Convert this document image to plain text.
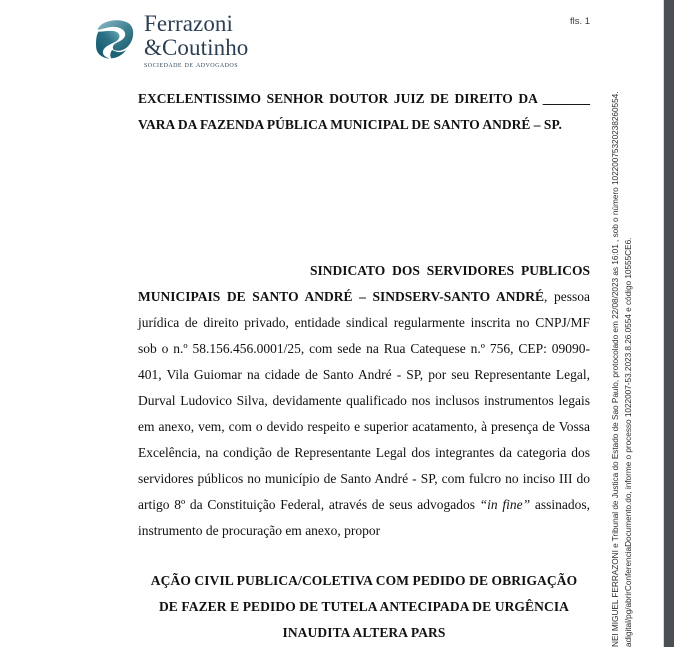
Ferrazoni
&Coutinho
sociedade de advogados
fls. 1

EXCELENTISSIMO SENHOR DOUTOR JUIZ DE DIREITO DA _______ VARA DA FAZENDA PÚBLICA MUNICIPAL DE SANTO ANDRÉ – SP.

SINDICATO DOS SERVIDORES PUBLICOS MUNICIPAIS DE SANTO ANDRÉ – SINDSERV-SANTO ANDRÉ, pessoa jurídica de direito privado, entidade sindical regularmente inscrita no CNPJ/MF sob o n.º 58.156.456.0001/25, com sede na Rua Catequese n.º 756, CEP: 09090-401, Vila Guiomar na cidade de Santo André - SP, por seu Representante Legal, Durval Ludovico Silva, devidamente qualificado nos inclusos instrumentos legais em anexo, vem, com o devido respeito e superior acatamento, à presença de Vossa Excelência, na condição de Representante Legal dos integrantes da categoria dos servidores públicos no município de Santo André - SP, com fulcro no inciso III do artigo 8º da Constituição Federal, através de seus advogados “in fine” assinados, instrumento de procuração em anexo, propor

AÇÃO CIVIL PUBLICA/COLETIVA COM PEDIDO DE OBRIGAÇÃO
DE FAZER E PEDIDO DE TUTELA ANTECIPADA DE URGÊNCIA
INAUDITA ALTERA PARS	NEI MIGUEL FERRAZONI e Tribunal de Justica do Estado de Sao Paulo, protocolado em 22/08/2023 as 16:01 , sob o número 10220075320238260554. adigital/pg/abrirConferenciaDocumento.do, informe o processo 1022007-53.2023.8.26.0554 e código 10555CE6.
